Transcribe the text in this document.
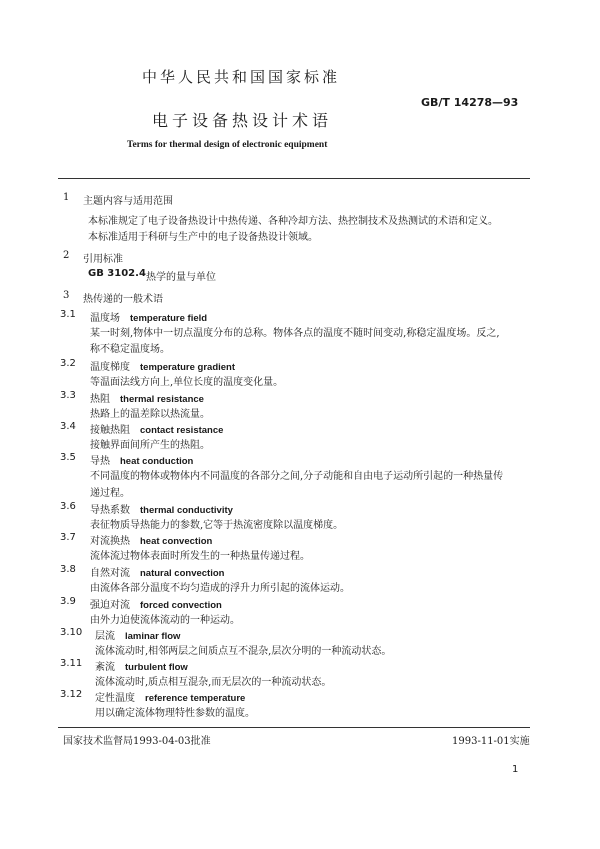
中华人民共和国国家标准
GB/T 14278—93
电子设备热设计术语
Terms for thermal design of electronic equipment
1 主题内容与适用范围
本标准规定了电子设备热设计中热传递、各种冷却方法、热控制技术及热测试的术语和定义。
本标准适用于科研与生产中的电子设备热设计领域。
2 引用标准
GB 3102.4 热学的量与单位
3 热传递的一般术语
3.1 温度场 temperature field
某一时刻,物体中一切点温度分布的总称。物体各点的温度不随时间变动,称稳定温度场。反之,
称不稳定温度场。
3.2 温度梯度 temperature gradient
等温面法线方向上,单位长度的温度变化量。
3.3 热阻 thermal resistance
热路上的温差除以热流量。
3.4 接触热阻 contact resistance
接触界面间所产生的热阻。
3.5 导热 heat conduction
不同温度的物体或物体内不同温度的各部分之间,分子动能和自由电子运动所引起的一种热量传
递过程。
3.6 导热系数 thermal conductivity
表征物质导热能力的参数,它等于热流密度除以温度梯度。
3.7 对流换热 heat convection
流体流过物体表面时所发生的一种热量传递过程。
3.8 自然对流 natural convection
由流体各部分温度不均匀造成的浮升力所引起的流体运动。
3.9 强迫对流 forced convection
由外力迫使流体流动的一种运动。
3.10 层流 laminar flow
流体流动时,相邻两层之间质点互不混杂,层次分明的一种流动状态。
3.11 紊流 turbulent flow
流体流动时,质点相互混杂,而无层次的一种流动状态。
3.12 定性温度 reference temperature
用以确定流体物理特性参数的温度。
国家技术监督局1993-04-03批准	1993-11-01实施
1
